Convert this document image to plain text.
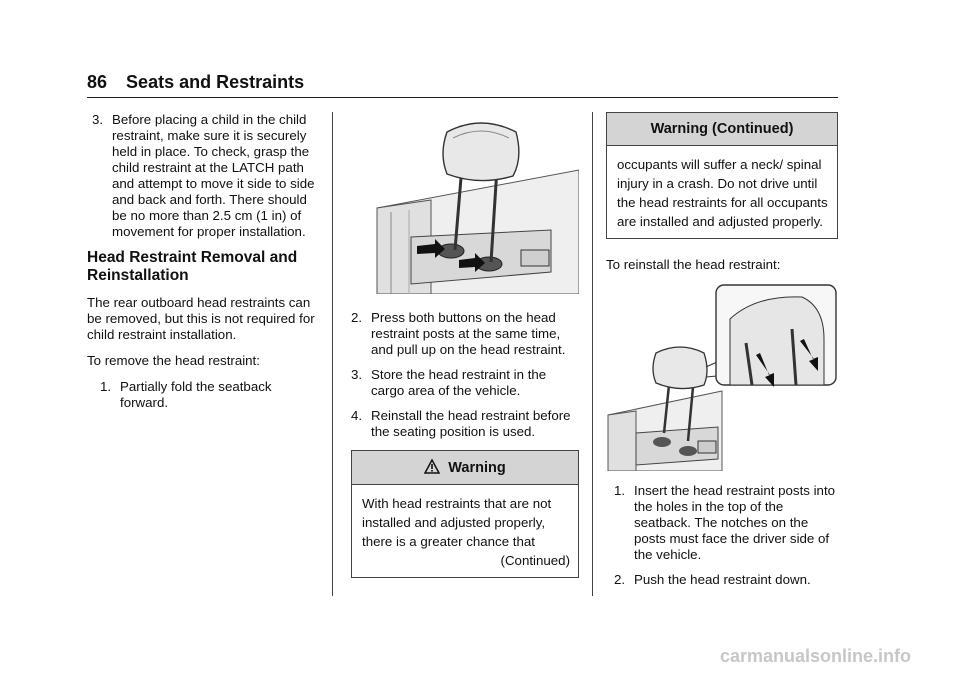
86 Seats and Restraints
3. Before placing a child in the child restraint, make sure it is securely held in place. To check, grasp the child restraint at the LATCH path and attempt to move it side to side and back and forth. There should be no more than 2.5 cm (1 in) of movement for proper installation.
Head Restraint Removal and Reinstallation

The rear outboard head restraints can be removed, but this is not required for child restraint installation.

To remove the head restraint:

1. Partially fold the seatback forward.
2. Press both buttons on the head restraint posts at the same time, and pull up on the head restraint.
3. Store the head restraint in the cargo area of the vehicle.
4. Reinstall the head restraint before the seating position is used.
Warning
With head restraints that are not installed and adjusted properly, there is a greater chance that
(Continued)
Warning (Continued)
occupants will suffer a neck/ spinal injury in a crash. Do not drive until the head restraints for all occupants are installed and adjusted properly.

To reinstall the head restraint:

1. Insert the head restraint posts into the holes in the top of the seatback. The notches on the posts must face the driver side of the vehicle.
2. Push the head restraint down.
carmanualsonline.info
